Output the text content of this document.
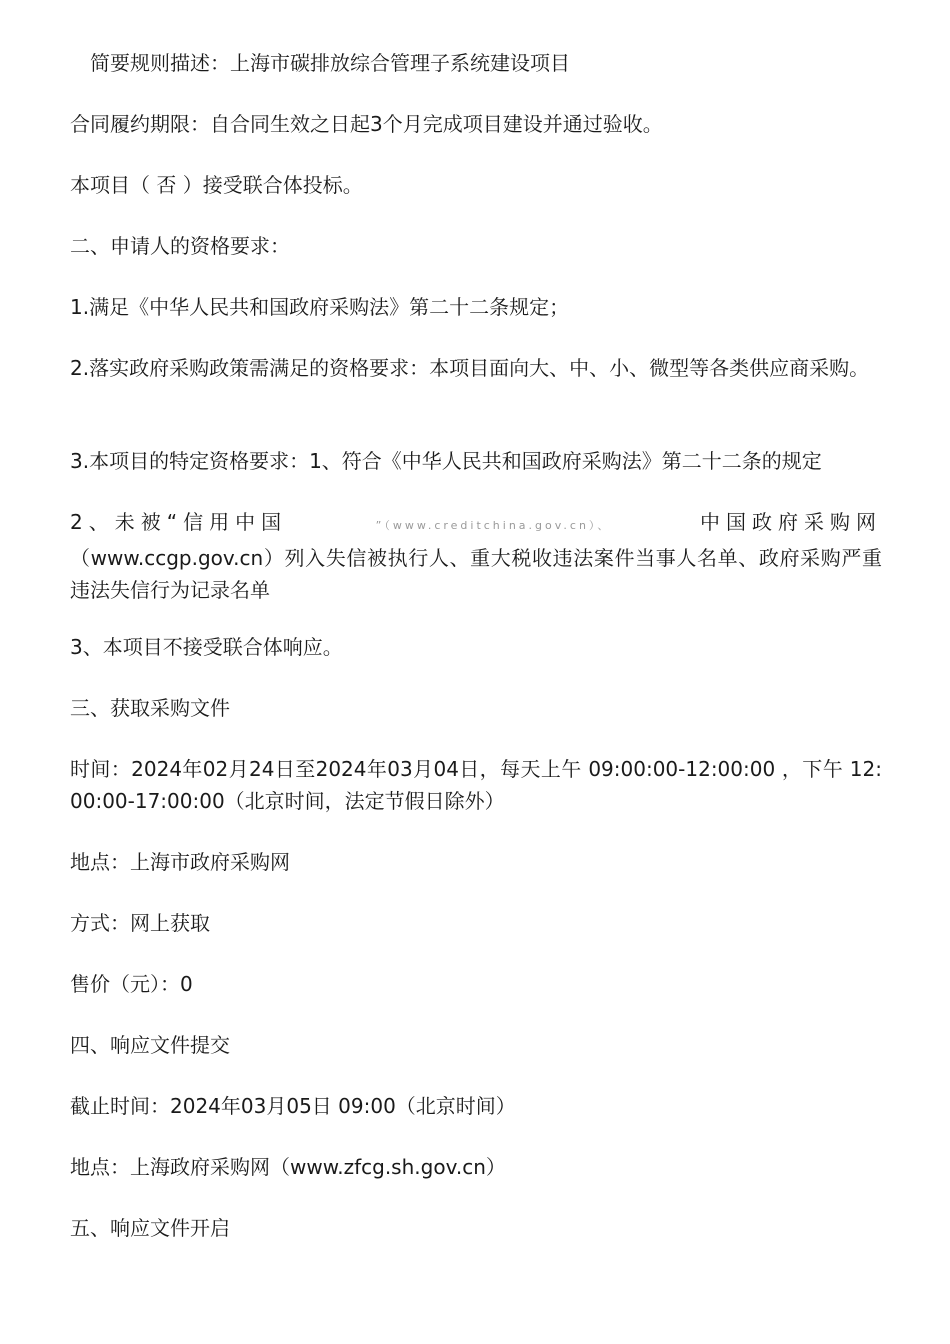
简要规则描述：上海市碳排放综合管理子系统建设项目
合同履约期限：自合同生效之日起3个月完成项目建设并通过验收。
本项目（ 否 ）接受联合体投标。
二、申请人的资格要求：
1.满足《中华人民共和国政府采购法》第二十二条规定；
2.落实政府采购政策需满足的资格要求：本项目面向大、中、小、微型等各类供应商采购。
3.本项目的特定资格要求：1、符合《中华人民共和国政府采购法》第二十二条的规定
2、未被“信用中国	”（www.creditchina.gov.cn）、	中国政府采购网
（www.ccgp.gov.cn）列入失信被执行人、重大税收违法案件当事人名单、政府采购严重违法失信行为记录名单
3、本项目不接受联合体响应。
三、获取采购文件
时间：2024年02月24日至2024年03月04日，每天上午 09:00:00-12:00:00 ，下午 12:00:00-17:00:00（北京时间，法定节假日除外）
地点：上海市政府采购网
方式：网上获取
售价（元）：0
四、响应文件提交
截止时间：2024年03月05日 09:00（北京时间）
地点：上海政府采购网（www.zfcg.sh.gov.cn）
五、响应文件开启
